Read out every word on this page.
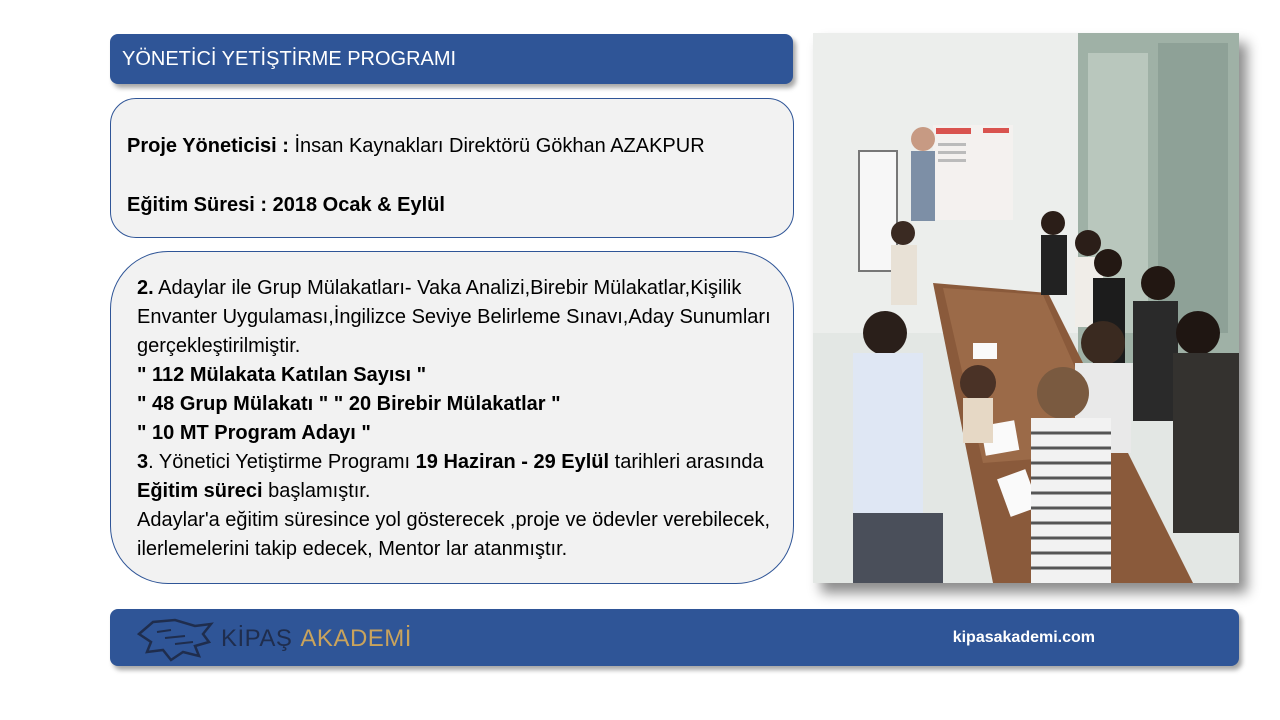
YÖNETİCİ YETİŞTİRME PROGRAMI

Proje Yöneticisi : İnsan Kaynakları Direktörü Gökhan AZAKPUR

Eğitim Süresi : 2018 Ocak & Eylül

2. Adaylar ile Grup Mülakatları- Vaka Analizi,Birebir Mülakatlar,Kişilik Envanter Uygulaması,İngilizce Seviye Belirleme Sınavı,Aday Sunumları gerçekleştirilmiştir.

" 112 Mülakata Katılan Sayısı "

" 48 Grup Mülakatı " " 20 Birebir Mülakatlar "

" 10 MT Program Adayı "

3. Yönetici Yetiştirme Programı 19 Haziran - 29 Eylül tarihleri arasında Eğitim süreci başlamıştır.

Adaylar'a eğitim süresince yol gösterecek ,proje ve ödevler verebilecek, ilerlemelerini takip edecek, Mentor lar atanmıştır.

KİPAŞ AKADEMİ	kipasakademi.com
